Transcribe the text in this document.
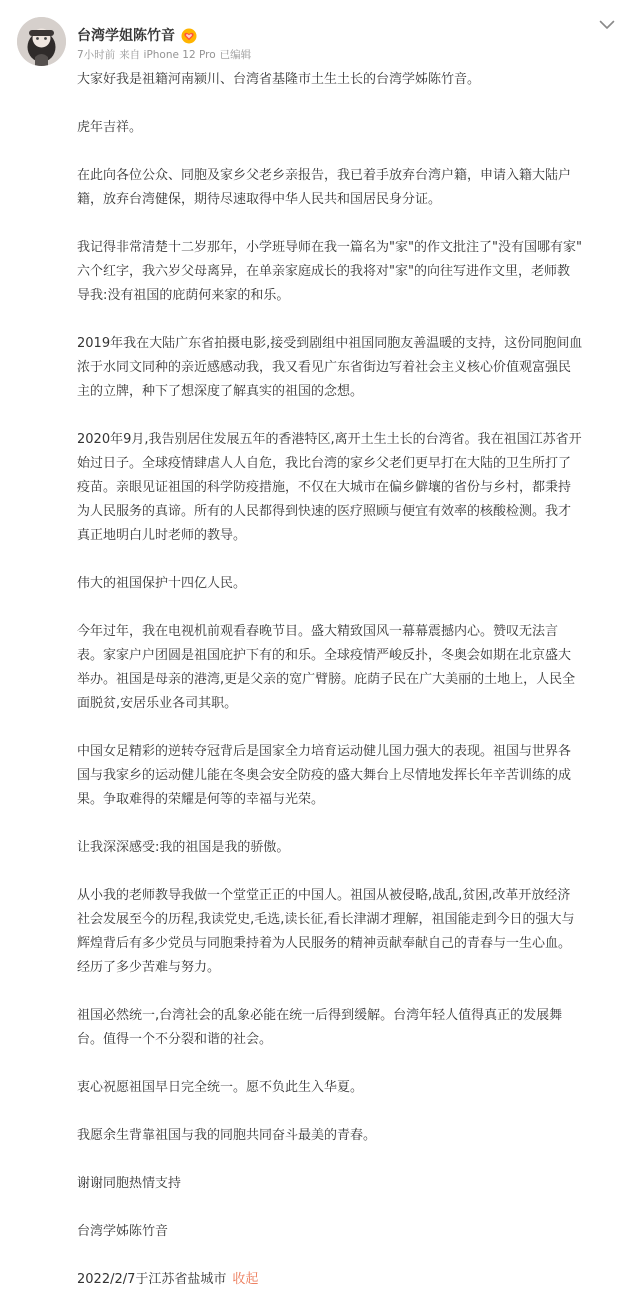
台湾学姐陈竹音
7小时前 来自 iPhone 12 Pro 已编辑

大家好我是祖籍河南颍川、台湾省基隆市土生土长的台湾学姊陈竹音。

虎年吉祥。

在此向各位公众、同胞及家乡父老乡亲报告，我已着手放弃台湾户籍，申请入籍大陆户
籍，放弃台湾健保，期待尽速取得中华人民共和国居民身分证。

我记得非常清楚十二岁那年，小学班导师在我一篇名为"家"的作文批注了"没有国哪有家"
六个红字，我六岁父母离异，在单亲家庭成长的我将对"家"的向往写进作文里，老师教
导我:没有祖国的庇荫何来家的和乐。

2019年我在大陆广东省拍摄电影,接受到剧组中祖国同胞友善温暖的支持，这份同胞间血
浓于水同文同种的亲近感感动我，我又看见广东省街边写着社会主义核心价值观富强民
主的立牌，种下了想深度了解真实的祖国的念想。

2020年9月,我告别居住发展五年的香港特区,离开土生土长的台湾省。我在祖国江苏省开
始过日子。全球疫情肆虐人人自危，我比台湾的家乡父老们更早打在大陆的卫生所打了
疫苗。亲眼见证祖国的科学防疫措施，不仅在大城市在偏乡僻壤的省份与乡村，都秉持
为人民服务的真谛。所有的人民都得到快速的医疗照顾与便宜有效率的核酸检测。我才
真正地明白儿时老师的教导。

伟大的祖国保护十四亿人民。

今年过年，我在电视机前观看春晚节目。盛大精致国风一幕幕震撼内心。赞叹无法言
表。家家户户团圆是祖国庇护下有的和乐。全球疫情严峻反扑，冬奥会如期在北京盛大
举办。祖国是母亲的港湾,更是父亲的宽广臂膀。庇荫子民在广大美丽的土地上，人民全
面脱贫,安居乐业各司其职。

中国女足精彩的逆转夺冠背后是国家全力培育运动健儿国力强大的表现。祖国与世界各
国与我家乡的运动健儿能在冬奥会安全防疫的盛大舞台上尽情地发挥长年辛苦训练的成
果。争取难得的荣耀是何等的幸福与光荣。

让我深深感受:我的祖国是我的骄傲。

从小我的老师教导我做一个堂堂正正的中国人。祖国从被侵略,战乱,贫困,改革开放经济
社会发展至今的历程,我读党史,毛选,读长征,看长津湖才理解，祖国能走到今日的强大与
辉煌背后有多少党员与同胞秉持着为人民服务的精神贡献奉献自己的青春与一生心血。
经历了多少苦难与努力。

祖国必然统一,台湾社会的乱象必能在统一后得到缓解。台湾年轻人值得真正的发展舞
台。值得一个不分裂和谐的社会。

衷心祝愿祖国早日完全统一。愿不负此生入华夏。

我愿余生背靠祖国与我的同胞共同奋斗最美的青春。

谢谢同胞热情支持

台湾学姊陈竹音

2022/2/7于江苏省盐城市 收起
